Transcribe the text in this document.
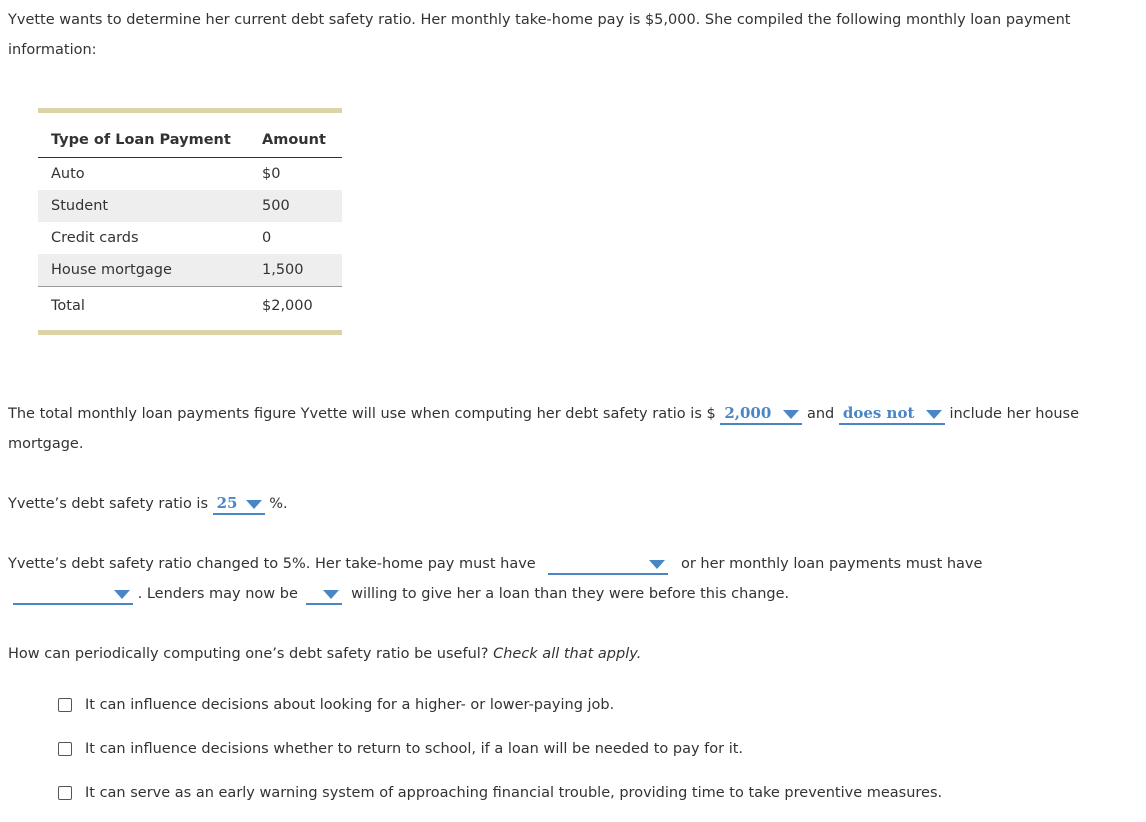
Yvette wants to determine her current debt safety ratio. Her monthly take-home pay is $5,000. She compiled the following monthly loan payment information:
Type of Loan Payment	Amount
Auto	$0
Student	500
Credit cards	0
House mortgage	1,500
Total	$2,000
The total monthly loan payments figure Yvette will use when computing her debt safety ratio is $ 2,000 and does not include her house
mortgage.
Yvette’s debt safety ratio is 25 %.
Yvette’s debt safety ratio changed to 5%. Her take-home pay must have	or her monthly loan payments must have

. Lenders may now be	willing to give her a loan than they were before this change.
How can periodically computing one’s debt safety ratio be useful? Check all that apply.
It can influence decisions about looking for a higher- or lower-paying job.
It can influence decisions whether to return to school, if a loan will be needed to pay for it.
It can serve as an early warning system of approaching financial trouble, providing time to take preventive measures.
